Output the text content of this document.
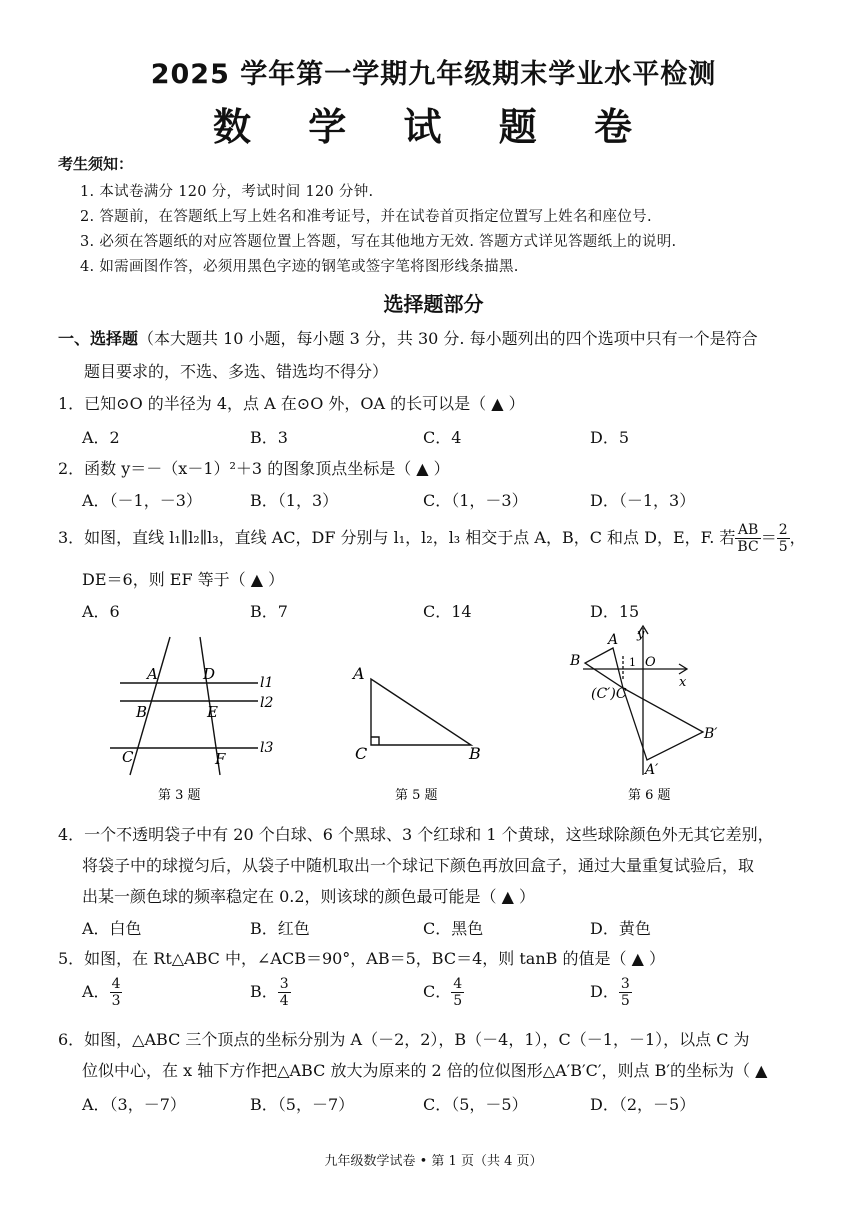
2025 学年第一学期九年级期末学业水平检测
数 学 试 题 卷
考生须知：
1. 本试卷满分 120 分，考试时间 120 分钟.
2. 答题前，在答题纸上写上姓名和准考证号，并在试卷首页指定位置写上姓名和座位号.
3. 必须在答题纸的对应答题位置上答题，写在其他地方无效. 答题方式详见答题纸上的说明.
4. 如需画图作答，必须用黑色字迹的钢笔或签字笔将图形线条描黑.
选择题部分
一、选择题（本大题共 10 小题，每小题 3 分，共 30 分. 每小题列出的四个选项中只有一个是符合
题目要求的，不选、多选、错选均不得分）
1．已知⊙O 的半径为 4，点 A 在⊙O 外，OA 的长可以是（ ▲ ）
A．2	B．3	C．4	D．5
2．函数 y＝－（x－1）²＋3 的图象顶点坐标是（ ▲ ）
A．（－1，－3）	B．（1，3）	C．（1，－3）	D．（－1，3）
3．如图，直线 l₁∥l₂∥l₃，直线 AC，DF 分别与 l₁，l₂，l₃ 相交于点 A，B，C 和点 D，E，F. 若 $\frac{AB}{BC} = \frac{2}{5}$ ，
DE＝6，则 EF 等于（ ▲ ）
A．6	B．7	C．14	D．15
A	D
B	E
C	F
l1
l2
l3
第 3 题
A
C	B
第 5 题
y
A
B	1 O
x
(C′)C
B′
A′
第 6 题
4．一个不透明袋子中有 20 个白球、6 个黑球、3 个红球和 1 个黄球，这些球除颜色外无其它差别，
将袋子中的球搅匀后，从袋子中随机取出一个球记下颜色再放回盒子，通过大量重复试验后，取
出某一颜色球的频率稳定在 0.2，则该球的颜色最可能是（ ▲ ）
A．白色	B．红色	C．黑色	D．黄色
5．如图，在 Rt△ABC 中，∠ACB＝90°，AB＝5，BC＝4，则 tanB 的值是（ ▲ ）
A． $\frac{4}{3}$	B． $\frac{3}{4}$	C． $\frac{4}{5}$	D． $\frac{3}{5}$
6．如图，△ABC 三个顶点的坐标分别为 A（－2，2），B（－4，1），C（－1，－1），以点 C 为
位似中心，在 x 轴下方作把△ABC 放大为原来的 2 倍的位似图形△A′B′C′，则点 B′的坐标为（ ▲
A．（3，－7）	B．（5，－7）	C．（5，－5）	D．（2，－5）
九年级数学试卷 • 第 1 页（共 4 页）
